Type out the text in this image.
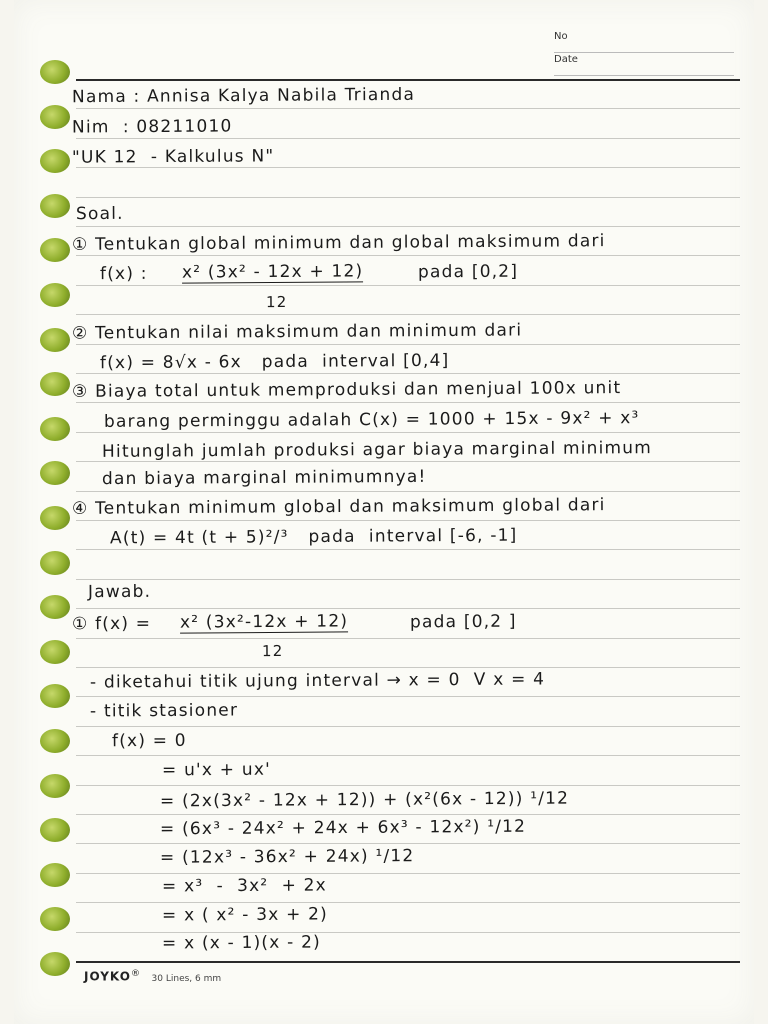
No
Date
Nama : Annisa Kalya Nabila Trianda
Nim  : 08211010
"UK 12  - Kalkulus N"
Soal.
① Tentukan global minimum dan global maksimum dari
f(x) : x² (3x² - 12x + 12)	pada [0,2]
12
② Tentukan nilai maksimum dan minimum dari
f(x) = 8√x - 6x   pada  interval [0,4]
③ Biaya total untuk memproduksi dan menjual 100x unit
barang perminggu adalah C(x) = 1000 + 15x - 9x² + x³
Hitunglah jumlah produksi agar biaya marginal minimum
dan biaya marginal minimumnya!
④ Tentukan minimum global dan maksimum global dari
A(t) = 4t (t + 5)²/³   pada  interval [-6, -1]
Jawab.
① f(x) = x² (3x²-12x + 12)	pada [0,2 ]
12
- diketahui titik ujung interval → x = 0  V x = 4
- titik stasioner
f(x) = 0
= u'x + ux'
= (2x(3x² - 12x + 12)) + (x²(6x - 12)) ¹/12
= (6x³ - 24x² + 24x + 6x³ - 12x²) ¹/12
= (12x³ - 36x² + 24x) ¹/12
= x³  -  3x²  + 2x
= x ( x² - 3x + 2)
= x (x - 1)(x - 2)
JOYKO® 30 Lines, 6 mm
